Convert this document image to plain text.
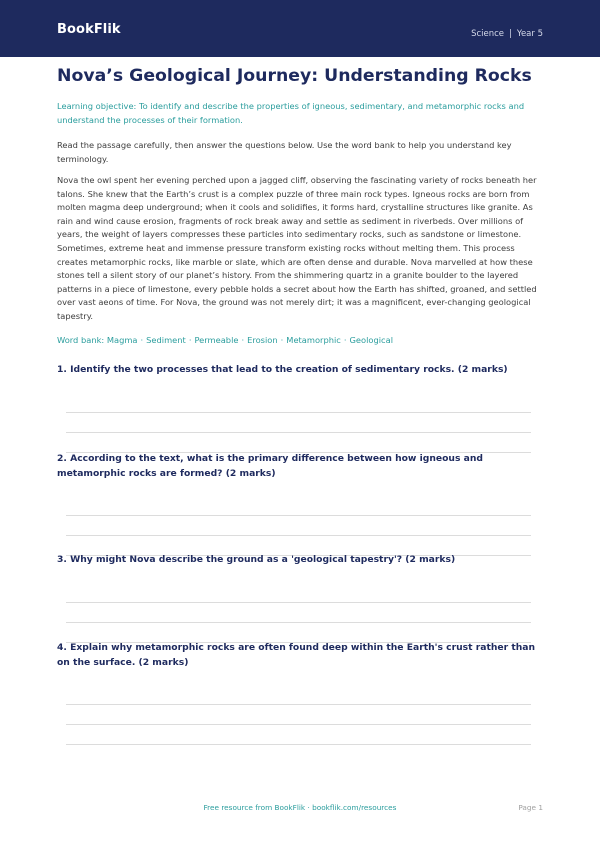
BookFlik	Science | Year 5
Nova’s Geological Journey: Understanding Rocks

Learning objective: To identify and describe the properties of igneous, sedimentary, and metamorphic rocks and understand the processes of their formation.

Read the passage carefully, then answer the questions below. Use the word bank to help you understand key terminology.

Nova the owl spent her evening perched upon a jagged cliff, observing the fascinating variety of rocks beneath her talons. She knew that the Earth’s crust is a complex puzzle of three main rock types. Igneous rocks are born from molten magma deep underground; when it cools and solidifies, it forms hard, crystalline structures like granite. As rain and wind cause erosion, fragments of rock break away and settle as sediment in riverbeds. Over millions of years, the weight of layers compresses these particles into sedimentary rocks, such as sandstone or limestone. Sometimes, extreme heat and immense pressure transform existing rocks without melting them. This process creates metamorphic rocks, like marble or slate, which are often dense and durable. Nova marvelled at how these stones tell a silent story of our planet’s history. From the shimmering quartz in a granite boulder to the layered patterns in a piece of limestone, every pebble holds a secret about how the Earth has shifted, groaned, and settled over vast aeons of time. For Nova, the ground was not merely dirt; it was a magnificent, ever-changing geological tapestry.

Word bank: Magma · Sediment · Permeable · Erosion · Metamorphic · Geological
1. Identify the two processes that lead to the creation of sedimentary rocks. (2 marks)
2. According to the text, what is the primary difference between how igneous and metamorphic rocks are formed? (2 marks)
3. Why might Nova describe the ground as a 'geological tapestry'? (2 marks)
4. Explain why metamorphic rocks are often found deep within the Earth's crust rather than on the surface. (2 marks)
Free resource from BookFlik · bookflik.com/resources	Page 1
